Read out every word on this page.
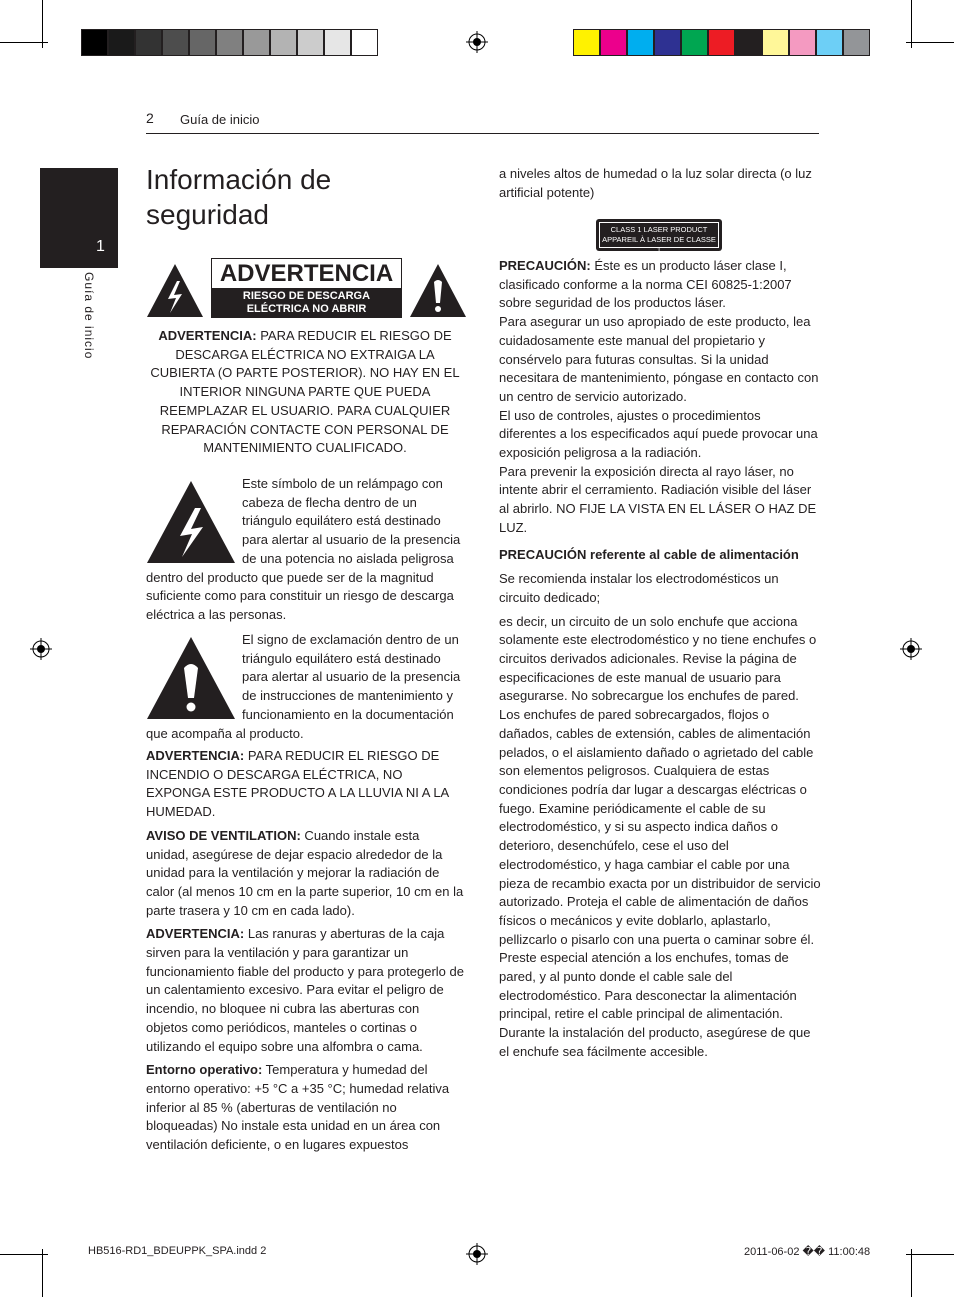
1
Guía de inicio
2 Guía de inicio
Información de seguridad
ADVERTENCIA
RIESGO DE DESCARGA ELÉCTRICA NO ABRIR
ADVERTENCIA: PARA REDUCIR EL RIESGO DE DESCARGA ELÉCTRICA NO EXTRAIGA LA CUBIERTA (O PARTE POSTERIOR). NO HAY EN EL INTERIOR NINGUNA PARTE QUE PUEDA REEMPLAZAR EL USUARIO. PARA CUALQUIER REPARACIÓN CONTACTE CON PERSONAL DE MANTENIMIENTO CUALIFICADO.
Este símbolo de un relámpago con cabeza de flecha dentro de un triángulo equilátero está destinado para alertar al usuario de la presencia de una potencia no aislada peligrosa dentro del producto que puede ser de la magnitud suficiente como para constituir un riesgo de descarga eléctrica a las personas.
El signo de exclamación dentro de un triángulo equilátero está destinado para alertar al usuario de la presencia de instrucciones de mantenimiento y funcionamiento en la documentación que acompaña al producto.

ADVERTENCIA: PARA REDUCIR EL RIESGO DE INCENDIO O DESCARGA ELÉCTRICA, NO EXPONGA ESTE PRODUCTO A LA LLUVIA NI A LA HUMEDAD.

AVISO DE VENTILATION: Cuando instale esta unidad, asegúrese de dejar espacio alrededor de la unidad para la ventilación y mejorar la radiación de calor (al menos 10 cm en la parte superior, 10 cm en la parte trasera y 10 cm en cada lado).

ADVERTENCIA: Las ranuras y aberturas de la caja sirven para la ventilación y para garantizar un funcionamiento fiable del producto y para protegerlo de un calentamiento excesivo. Para evitar el peligro de incendio, no bloquee ni cubra las aberturas con objetos como periódicos, manteles o cortinas o utilizando el equipo sobre una alfombra o cama.

Entorno operativo: Temperatura y humedad del entorno operativo: +5 °C a +35 °C; humedad relativa inferior al 85 % (aberturas de ventilación no bloqueadas) No instale esta unidad en un área con ventilación deficiente, o en lugares expuestos

a niveles altos de humedad o la luz solar directa (o luz artificial potente)
CLASS 1 LASER PRODUCT
APPAREIL À LASER DE CLASSE 1
PRECAUCIÓN: Éste es un producto láser clase I, clasificado conforme a la norma CEI 60825-1:2007 sobre seguridad de los productos láser.
Para asegurar un uso apropiado de este producto, lea cuidadosamente este manual del propietario y consérvelo para futuras consultas. Si la unidad necesitara de mantenimiento, póngase en contacto con un centro de servicio autorizado.
El uso de controles, ajustes o procedimientos diferentes a los especificados aquí puede provocar una exposición peligrosa a la radiación.

Para prevenir la exposición directa al rayo láser, no intente abrir el cerramiento. Radiación visible del láser al abrirlo. NO FIJE LA VISTA EN EL LÁSER O HAZ DE LUZ.

PRECAUCIÓN referente al cable de alimentación

Se recomienda instalar los electrodomésticos un circuito dedicado;

es decir, un circuito de un solo enchufe que acciona solamente este electrodoméstico y no tiene enchufes o circuitos derivados adicionales. Revise la página de especificaciones de este manual de usuario para asegurarse. No sobrecargue los enchufes de pared. Los enchufes de pared sobrecargados, flojos o dañados, cables de extensión, cables de alimentación pelados, o el aislamiento dañado o agrietado del cable son elementos peligrosos. Cualquiera de estas condiciones podría dar lugar a descargas eléctricas o fuego. Examine periódicamente el cable de su electrodoméstico, y si su aspecto indica daños o deterioro, desenchúfelo, cese el uso del electrodoméstico, y haga cambiar el cable por una pieza de recambio exacta por un distribuidor de servicio autorizado. Proteja el cable de alimentación de daños físicos o mecánicos y evite doblarlo, aplastarlo, pellizcarlo o pisarlo con una puerta o caminar sobre él. Preste especial atención a los enchufes, tomas de pared, y al punto donde el cable sale del electrodoméstico. Para desconectar la alimentación principal, retire el cable principal de alimentación. Durante la instalación del producto, asegúrese de que el enchufe sea fácilmente accesible.

HB516-RD1_BDEUPPK_SPA.indd 2	2011-06-02 �� 11:00:48
